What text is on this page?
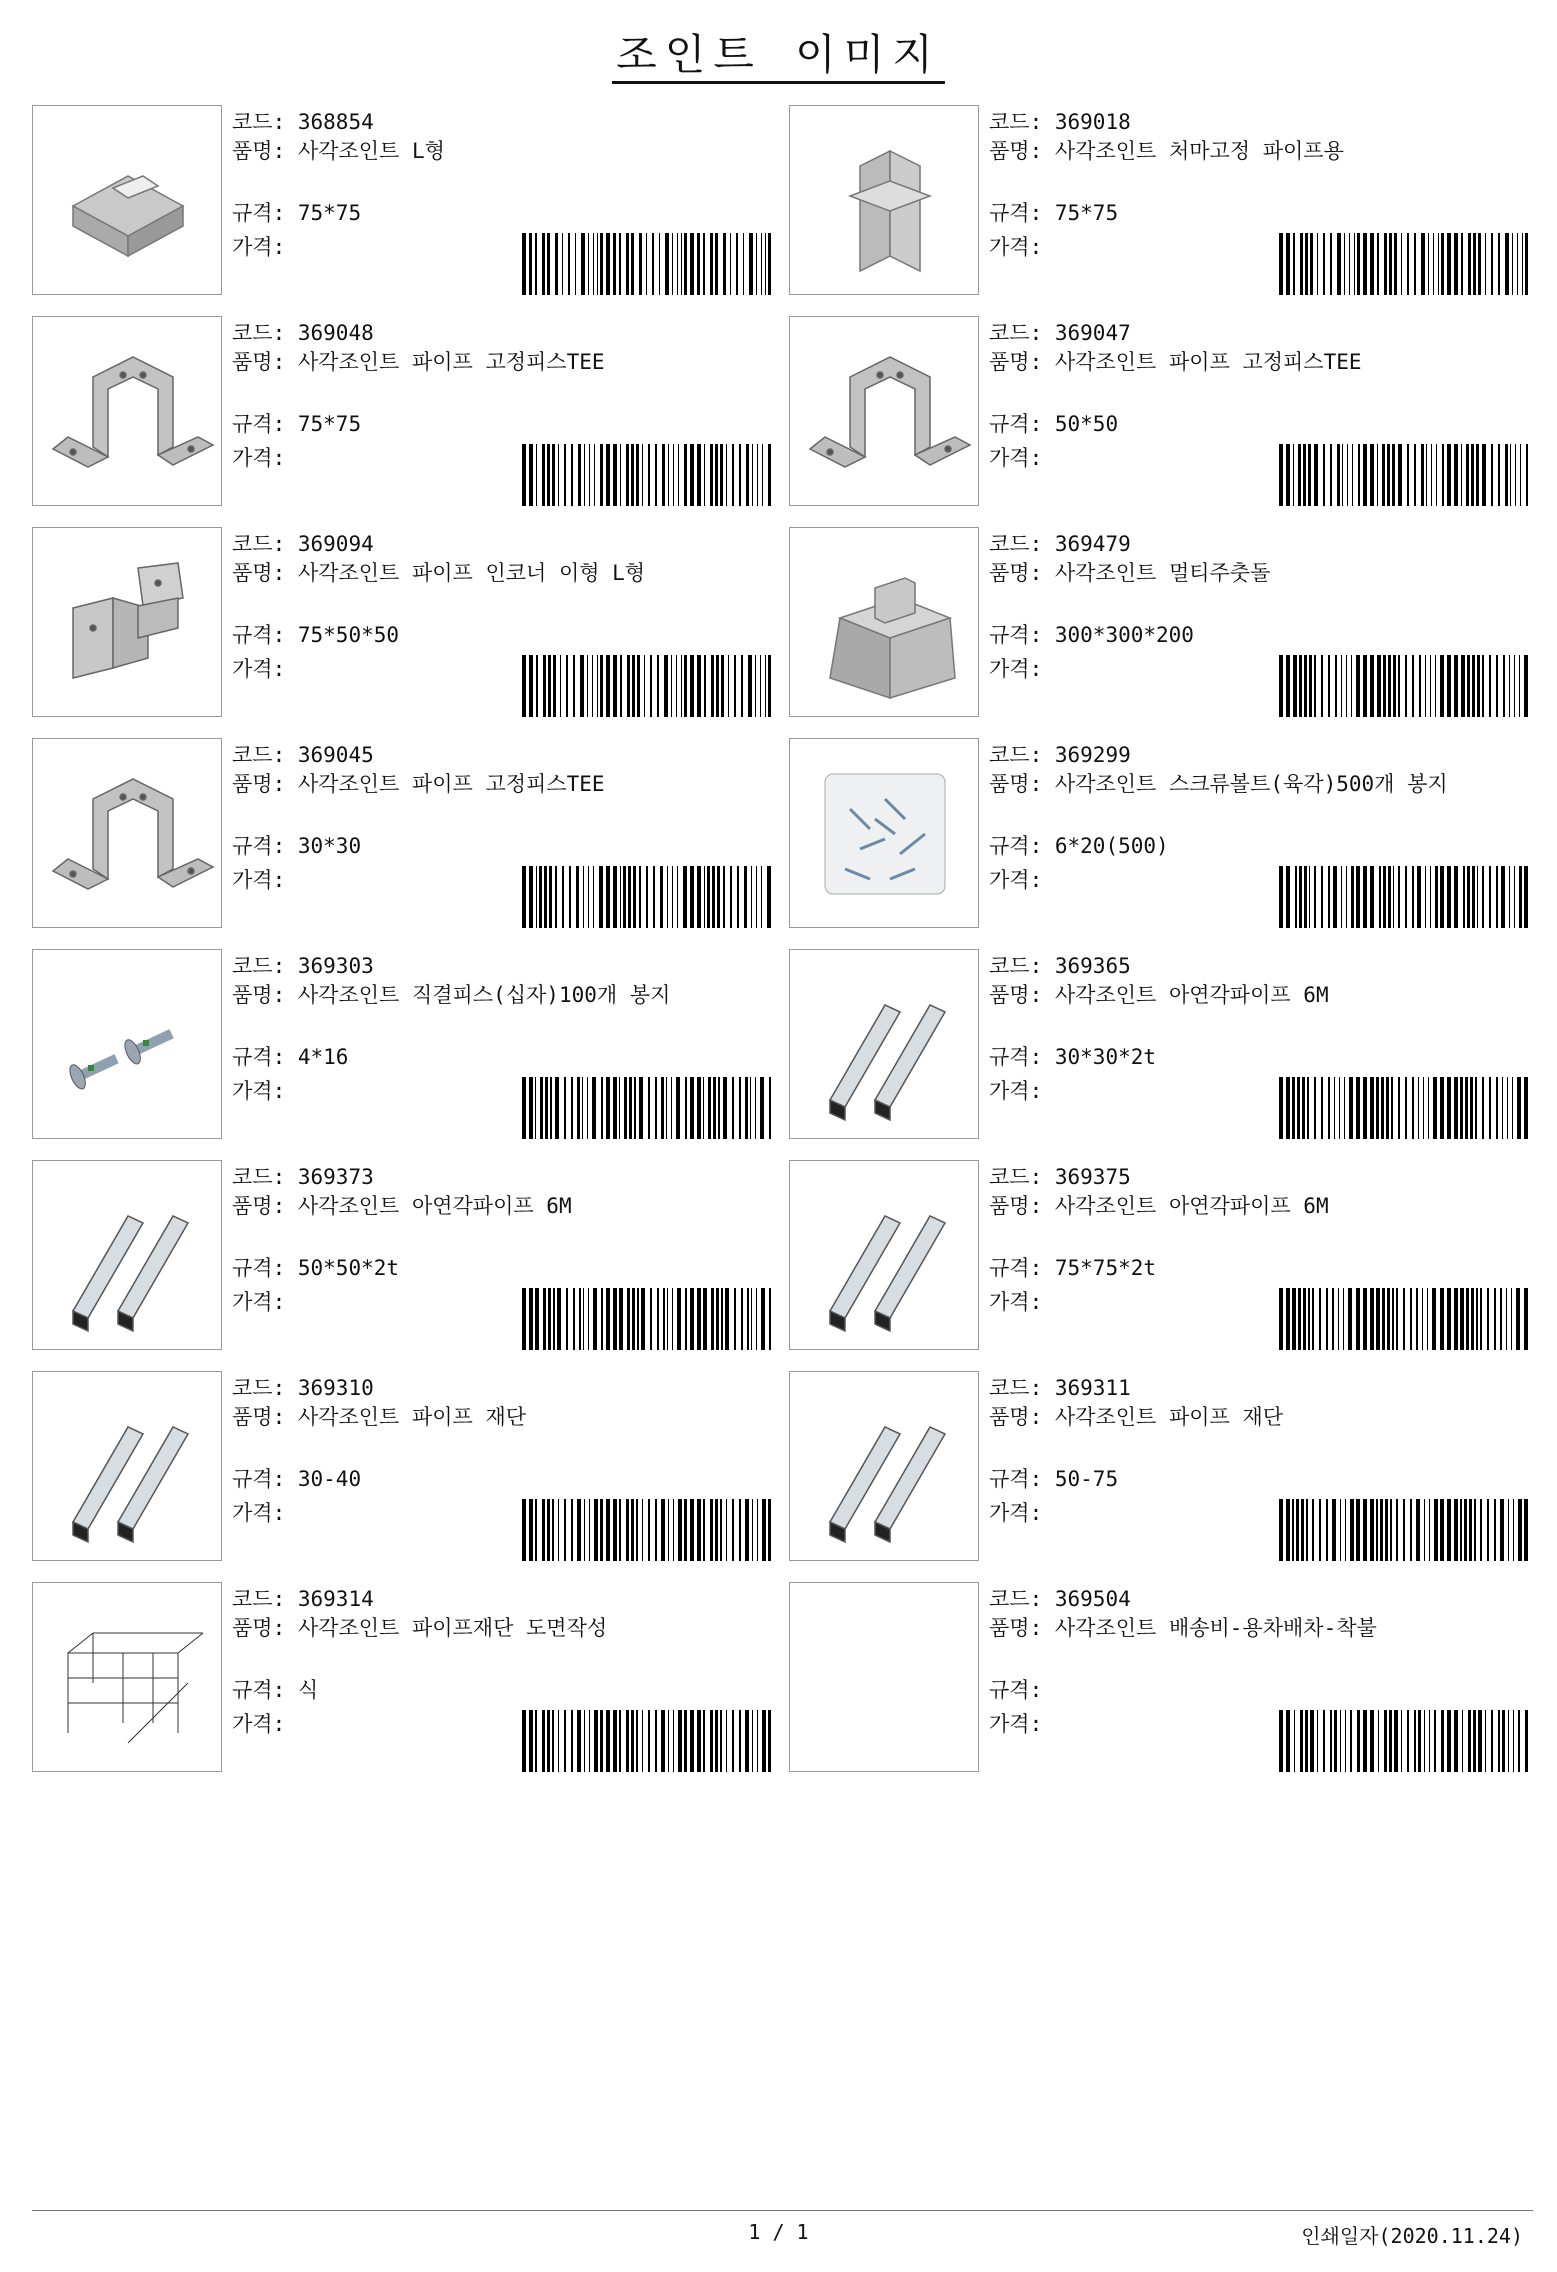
조인트 이미지
코드: 368854
품명: 사각조인트 L형
규격: 75*75
가격:
코드: 369018
품명: 사각조인트 처마고정 파이프용
규격: 75*75
가격:
코드: 369048
품명: 사각조인트 파이프 고정피스TEE
규격: 75*75
가격:
코드: 369047
품명: 사각조인트 파이프 고정피스TEE
규격: 50*50
가격:
코드: 369094
품명: 사각조인트 파이프 인코너 이형 L형
규격: 75*50*50
가격:
코드: 369479
품명: 사각조인트 멀티주춧돌
규격: 300*300*200
가격:
코드: 369045
품명: 사각조인트 파이프 고정피스TEE
규격: 30*30
가격:
코드: 369299
품명: 사각조인트 스크류볼트(육각)500개 봉지
규격: 6*20(500)
가격:
코드: 369303
품명: 사각조인트 직결피스(십자)100개 봉지
규격: 4*16
가격:
코드: 369365
품명: 사각조인트 아연각파이프 6M
규격: 30*30*2t
가격:
코드: 369373
품명: 사각조인트 아연각파이프 6M
규격: 50*50*2t
가격:
코드: 369375
품명: 사각조인트 아연각파이프 6M
규격: 75*75*2t
가격:
코드: 369310
품명: 사각조인트 파이프 재단
규격: 30-40
가격:
코드: 369311
품명: 사각조인트 파이프 재단
규격: 50-75
가격:
코드: 369314
품명: 사각조인트 파이프재단 도면작성
규격: 식
가격:
코드: 369504
품명: 사각조인트 배송비-용차배차-착불
규격:
가격:
1 / 1	인쇄일자(2020.11.24)
